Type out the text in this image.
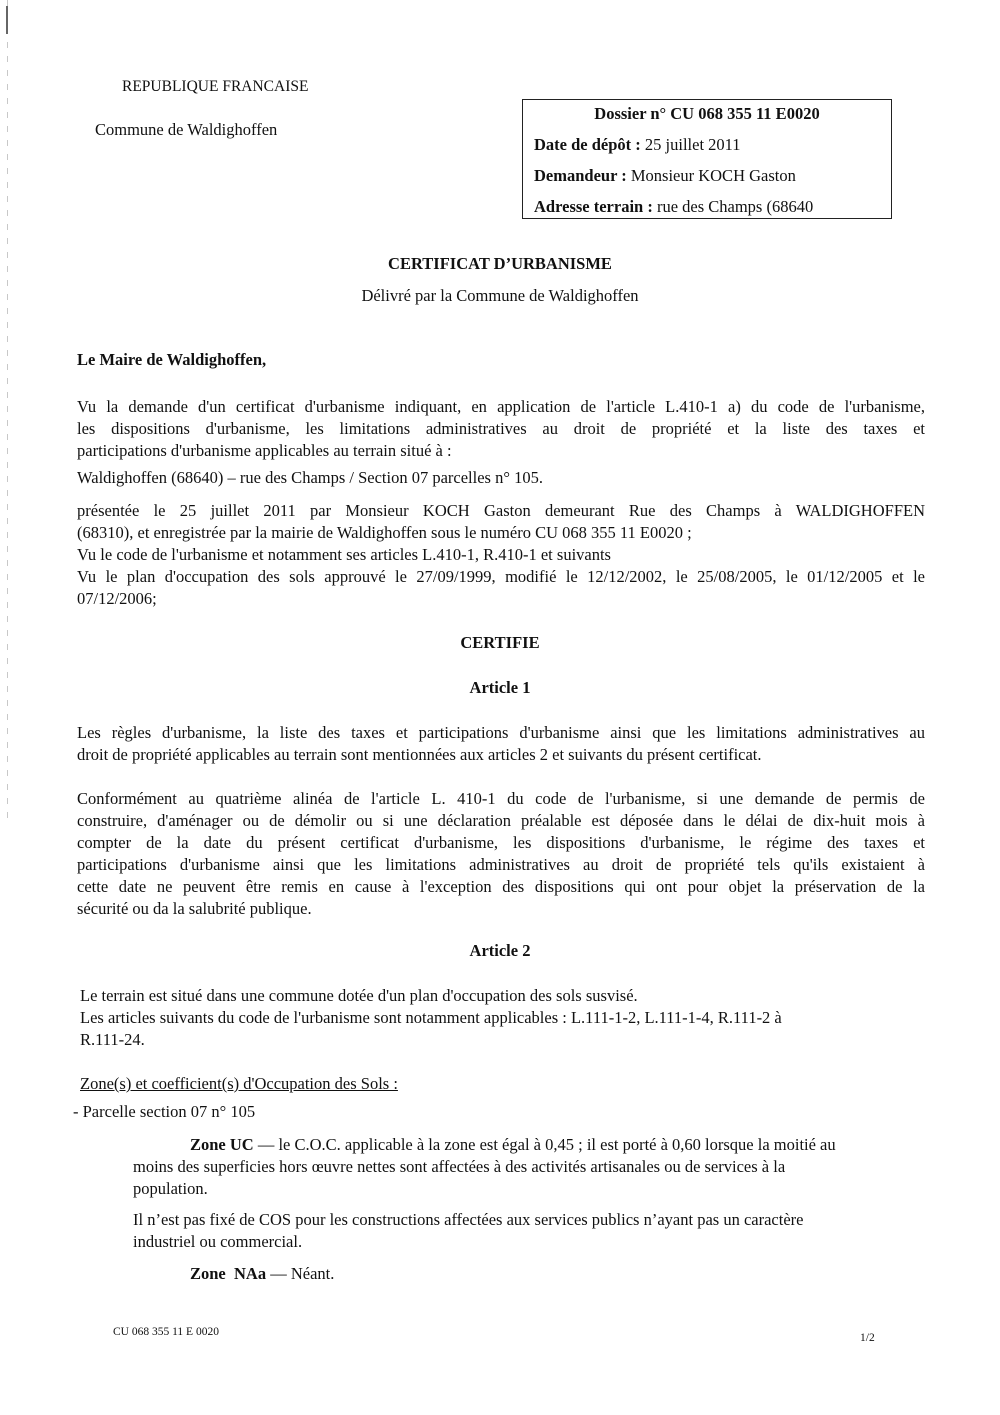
REPUBLIQUE FRANCAISE
Commune de Waldighoffen
Dossier n° CU 068 355 11 E0020
Date de dépôt : 25 juillet 2011
Demandeur : Monsieur KOCH Gaston
Adresse terrain : rue des Champs (68640
CERTIFICAT D’URBANISME
Délivré par la Commune de Waldighoffen
Le Maire de Waldighoffen,
Vu la demande d'un certificat d'urbanisme indiquant, en application de l'article L.410-1 a) du code de l'urbanisme,
les dispositions d'urbanisme, les limitations administratives au droit de propriété et la liste des taxes et
participations d'urbanisme applicables au terrain situé à :
Waldighoffen (68640) – rue des Champs / Section 07 parcelles n° 105.
présentée le 25 juillet 2011 par Monsieur KOCH Gaston demeurant Rue des Champs à WALDIGHOFFEN
(68310), et enregistrée par la mairie de Waldighoffen sous le numéro CU 068 355 11 E0020 ;
Vu le code de l'urbanisme et notamment ses articles L.410-1, R.410-1 et suivants
Vu le plan d'occupation des sols approuvé le 27/09/1999, modifié le 12/12/2002, le 25/08/2005, le 01/12/2005 et le
07/12/2006;
CERTIFIE
Article 1
Les règles d'urbanisme, la liste des taxes et participations d'urbanisme ainsi que les limitations administratives au
droit de propriété applicables au terrain sont mentionnées aux articles 2 et suivants du présent certificat.
Conformément au quatrième alinéa de l'article L. 410-1 du code de l'urbanisme, si une demande de permis de
construire, d'aménager ou de démolir ou si une déclaration préalable est déposée dans le délai de dix-huit mois à
compter de la date du présent certificat d'urbanisme, les dispositions d'urbanisme, le régime des taxes et
participations d'urbanisme ainsi que les limitations administratives au droit de propriété tels qu'ils existaient à
cette date ne peuvent être remis en cause à l'exception des dispositions qui ont pour objet la préservation de la
sécurité ou da la salubrité publique.
Article 2
Le terrain est situé dans une commune dotée d'un plan d'occupation des sols susvisé.
Les articles suivants du code de l'urbanisme sont notamment applicables : L.111-1-2, L.111-1-4, R.111-2 à
R.111-24.
Zone(s) et coefficient(s) d'Occupation des Sols :
- Parcelle section 07 n° 105
Zone UC — le C.O.C. applicable à la zone est égal à 0,45 ; il est porté à 0,60 lorsque la moitié au
moins des superficies hors œuvre nettes sont affectées à des activités artisanales ou de services à la
population.
Il n’est pas fixé de COS pour les constructions affectées aux services publics n’ayant pas un caractère
industriel ou commercial.
Zone  NAa — Néant.
CU 068 355 11 E 0020	1/2
